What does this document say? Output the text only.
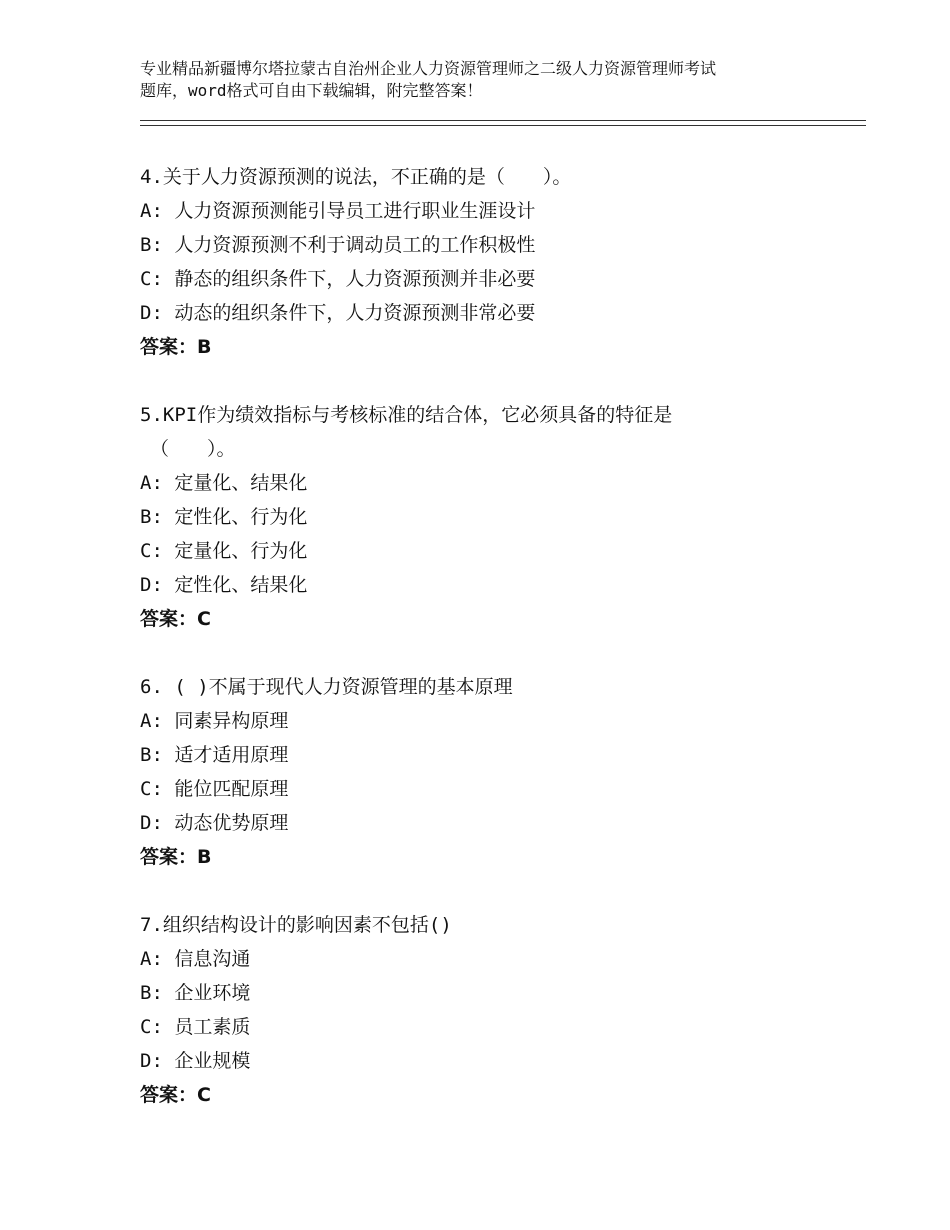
专业精品新疆博尔塔拉蒙古自治州企业人力资源管理师之二级人力资源管理师考试
题库，word格式可自由下载编辑，附完整答案！
4.关于人力资源预测的说法，不正确的是（　　）。
A: 人力资源预测能引导员工进行职业生涯设计
B: 人力资源预测不利于调动员工的工作积极性
C: 静态的组织条件下，人力资源预测并非必要
D: 动态的组织条件下，人力资源预测非常必要
答案：B
5.KPI作为绩效指标与考核标准的结合体，它必须具备的特征是
（　　）。
A: 定量化、结果化
B: 定性化、行为化
C: 定量化、行为化
D: 定性化、结果化
答案：C
6. ( )不属于现代人力资源管理的基本原理
A: 同素异构原理
B: 适才适用原理
C: 能位匹配原理
D: 动态优势原理
答案：B
7.组织结构设计的影响因素不包括()
A: 信息沟通
B: 企业环境
C: 员工素质
D: 企业规模
答案：C
